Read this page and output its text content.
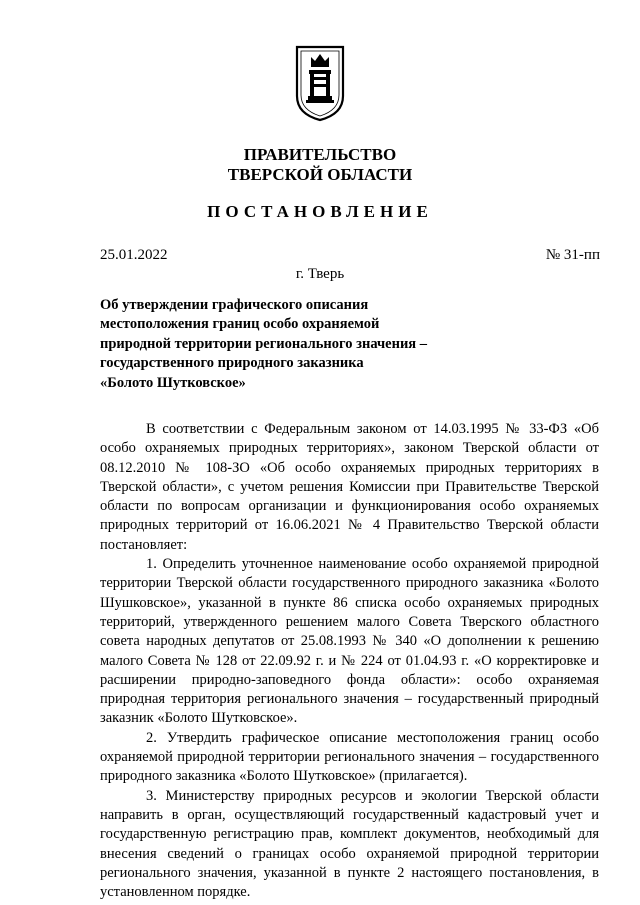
ПРАВИТЕЛЬСТВО
ТВЕРСКОЙ ОБЛАСТИ
ПОСТАНОВЛЕНИЕ
25.01.2022	№ 31-пп
г. Тверь
Об утверждении графического описания
местоположения границ особо охраняемой
природной территории регионального значения –
государственного природного заказника
«Болото Шутковское»

В соответствии с Федеральным законом от 14.03.1995 № 33-ФЗ «Об особо охраняемых природных территориях», законом Тверской области от 08.12.2010 № 108-ЗО «Об особо охраняемых природных территориях в Тверской области», с учетом решения Комиссии при Правительстве Тверской области по вопросам организации и функционирования особо охраняемых природных территорий от 16.06.2021 № 4 Правительство Тверской области постановляет:

1. Определить уточненное наименование особо охраняемой природной территории Тверской области государственного природного заказника «Болото Шушковское», указанной в пункте 86 списка особо охраняемых природных территорий, утвержденного решением малого Совета Тверского областного совета народных депутатов от 25.08.1993 № 340 «О дополнении к решению малого Совета № 128 от 22.09.92 г. и № 224 от 01.04.93 г. «О корректировке и расширении природно-заповедного фонда области»: особо охраняемая природная территория регионального значения – государственный природный заказник «Болото Шутковское».

2. Утвердить графическое описание местоположения границ особо охраняемой природной территории регионального значения – государственного природного заказника «Болото Шутковское» (прилагается).

3. Министерству природных ресурсов и экологии Тверской области направить в орган, осуществляющий государственный кадастровый учет и государственную регистрацию прав, комплект документов, необходимый для внесения сведений о границах особо охраняемой природной территории регионального значения, указанной в пункте 2 настоящего постановления, в установленном порядке.
